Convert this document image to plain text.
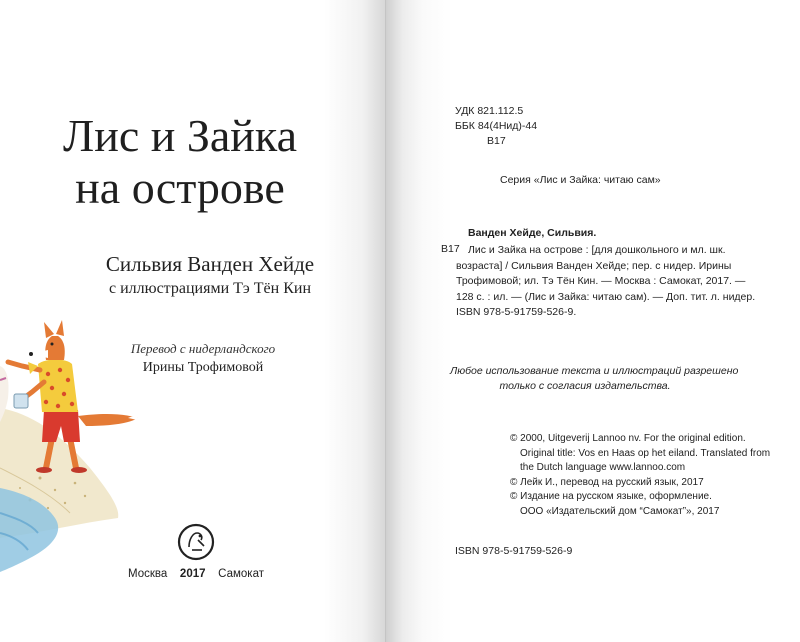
Лис и Зайка
на острове
Сильвия Ванден Хейде
с иллюстрациями Тэ Тён Кин
Перевод с нидерландского
Ирины Трофимовой
Москва 2017 Самокат
УДК 821.112.5
ББК 84(4Нид)-44
В17
Серия «Лис и Зайка: читаю сам»
Ванден Хейде, Сильвия.
В17 Лис и Зайка на острове : [для дошкольного и мл. шк.
возраста] / Сильвия Ванден Хейде; пер. с нидер. Ирины
Трофимовой; ил. Тэ Тён Кин. — Москва : Самокат, 2017. —
128 с. : ил. — (Лис и Зайка: читаю сам). — Доп. тит. л. нидер.
ISBN 978-5-91759-526-9.
Любое использование текста и иллюстраций разрешено
только с согласия издательства.
© 2000, Uitgeverij Lannoo nv. For the original edition.
Original title: Vos en Haas op het eiland. Translated from
the Dutch language www.lannoo.com
© Лейк И., перевод на русский язык, 2017
© Издание на русском языке, оформление.
ООО «Издательский дом “Самокат”», 2017
ISBN 978-5-91759-526-9
